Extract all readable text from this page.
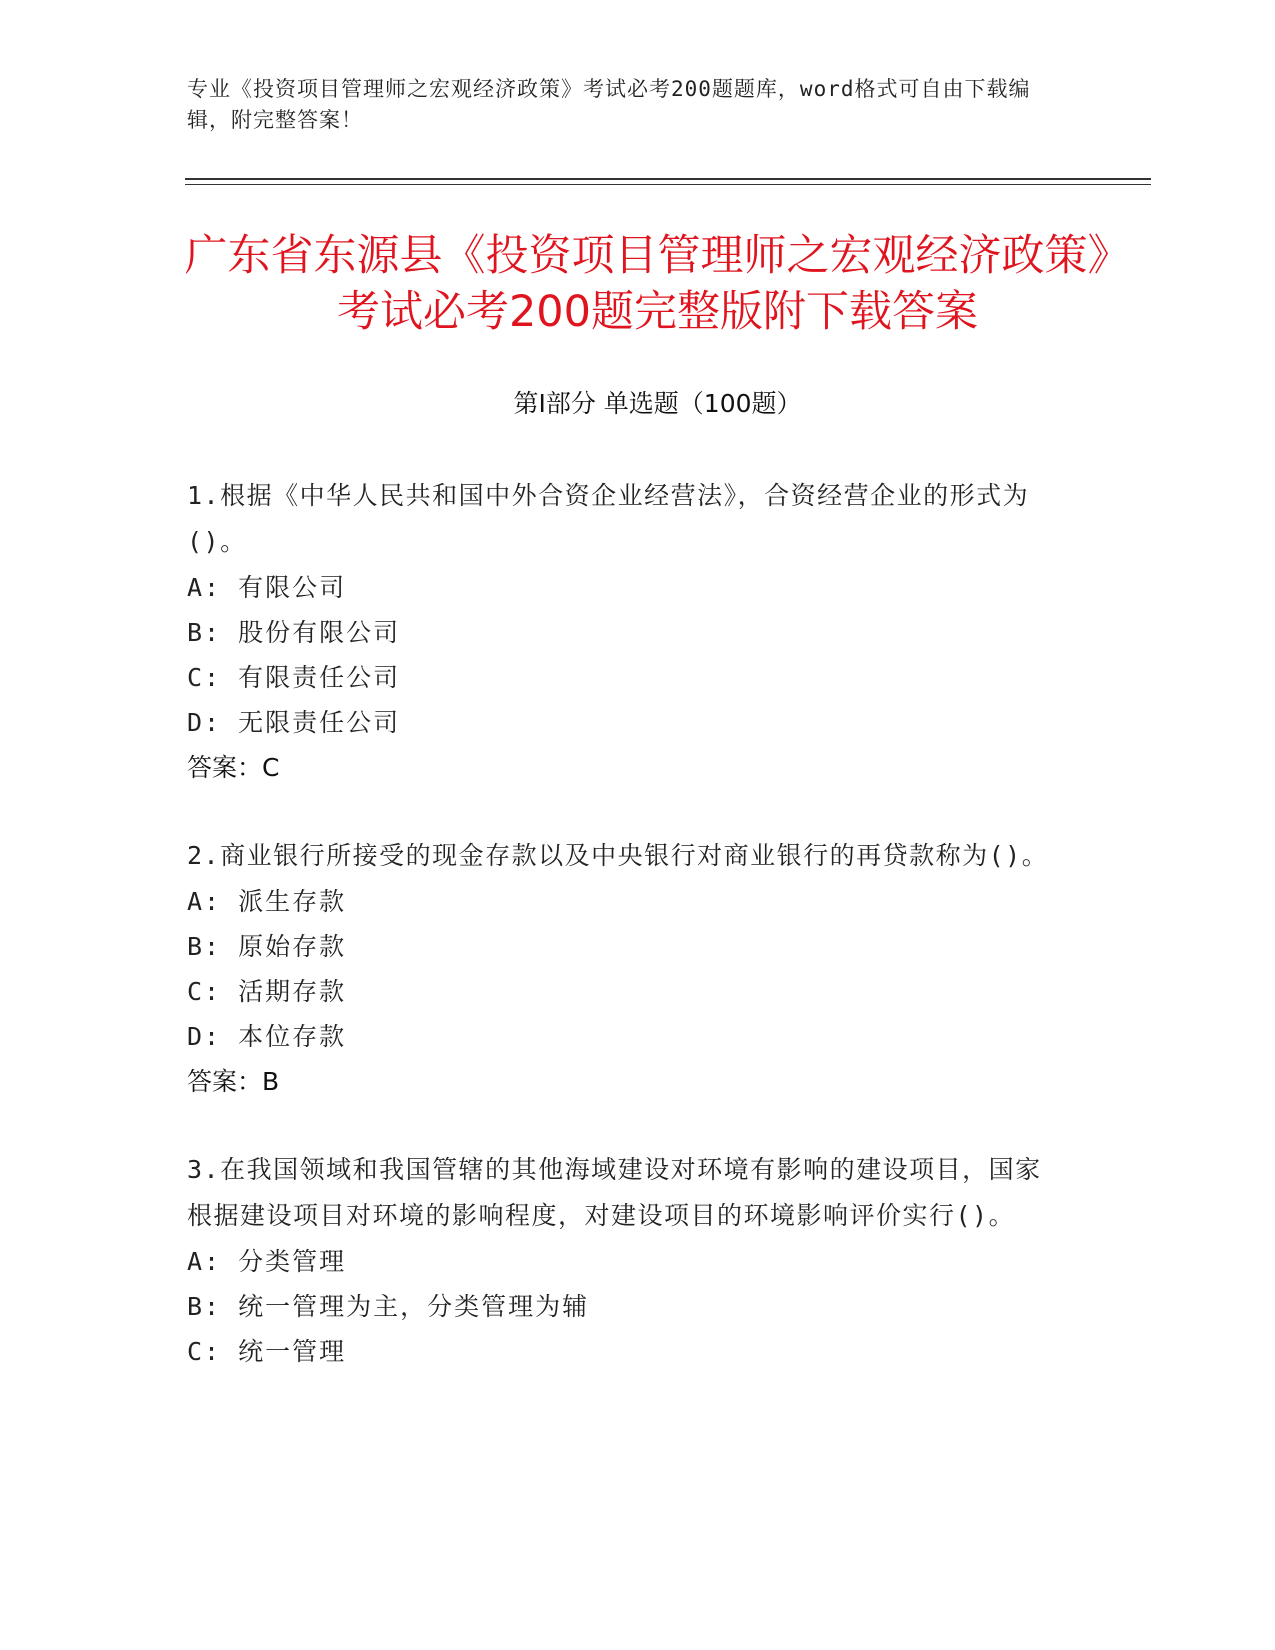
专业《投资项目管理师之宏观经济政策》考试必考200题题库，word格式可自由下载编辑，附完整答案！
广东省东源县《投资项目管理师之宏观经济政策》考试必考200题完整版附下载答案
第Ⅰ部分 单选题（100题）
1.根据《中华人民共和国中外合资企业经营法》，合资经营企业的形式为()。
A: 有限公司
B: 股份有限公司
C: 有限责任公司
D: 无限责任公司
答案：C
2.商业银行所接受的现金存款以及中央银行对商业银行的再贷款称为()。
A: 派生存款
B: 原始存款
C: 活期存款
D: 本位存款
答案：B
3.在我国领域和我国管辖的其他海域建设对环境有影响的建设项目，国家根据建设项目对环境的影响程度，对建设项目的环境影响评价实行()。
A: 分类管理
B: 统一管理为主，分类管理为辅
C: 统一管理
